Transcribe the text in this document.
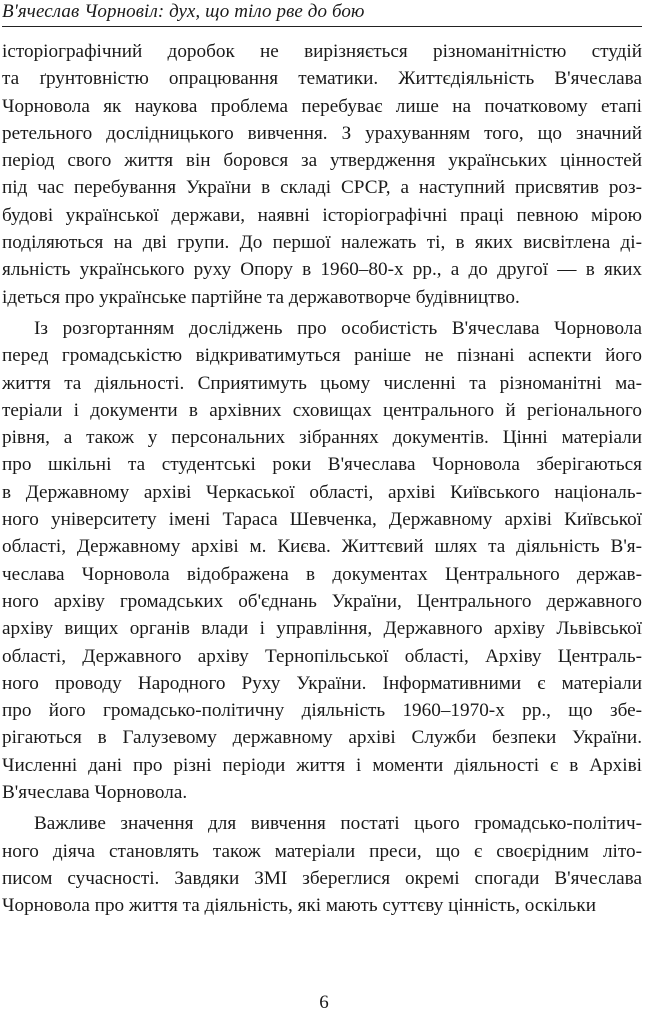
В'ячеслав Чорновіл: дух, що тіло рве до бою
історіографічний доробок не вирізняється різноманітністю студій
та ґрунтовністю опрацювання тематики. Життєдіяльність В'ячеслава
Чорновола як наукова проблема перебуває лише на початковому етапі
ретельного дослідницького вивчення. З урахуванням того, що значний
період свого життя він боровся за утвердження українських цінностей
під час перебування України в складі СРСР, а наступний присвятив роз-
будові української держави, наявні історіографічні праці певною мірою
поділяються на дві групи. До першої належать ті, в яких висвітлена ді-
яльність українського руху Опору в 1960–80-х рр., а до другої — в яких
ідеться про українське партійне та державотворче будівництво.
Із розгортанням досліджень про особистість В'ячеслава Чорновола
перед громадськістю відкриватимуться раніше не пізнані аспекти його
життя та діяльності. Сприятимуть цьому численні та різноманітні ма-
теріали і документи в архівних сховищах центрального й регіонального
рівня, а також у персональних зібраннях документів. Цінні матеріали
про шкільні та студентські роки В'ячеслава Чорновола зберігаються
в Державному архіві Черкаської області, архіві Київського національ-
ного університету імені Тараса Шевченка, Державному архіві Київської
області, Державному архіві м. Києва. Життєвий шлях та діяльність В'я-
чеслава Чорновола відображена в документах Центрального держав-
ного архіву громадських об'єднань України, Центрального державного
архіву вищих органів влади і управління, Державного архіву Львівської
області, Державного архіву Тернопільської області, Архіву Централь-
ного проводу Народного Руху України. Інформативними є матеріали
про його громадсько-політичну діяльність 1960–1970-х рр., що збе-
рігаються в Галузевому державному архіві Служби безпеки України.
Численні дані про різні періоди життя і моменти діяльності є в Архіві
В'ячеслава Чорновола.
Важливе значення для вивчення постаті цього громадсько-політич-
ного діяча становлять також матеріали преси, що є своєрідним літо-
писом сучасності. Завдяки ЗМІ збереглися окремі спогади В'ячеслава
Чорновола про життя та діяльність, які мають суттєву цінність, оскільки
6
